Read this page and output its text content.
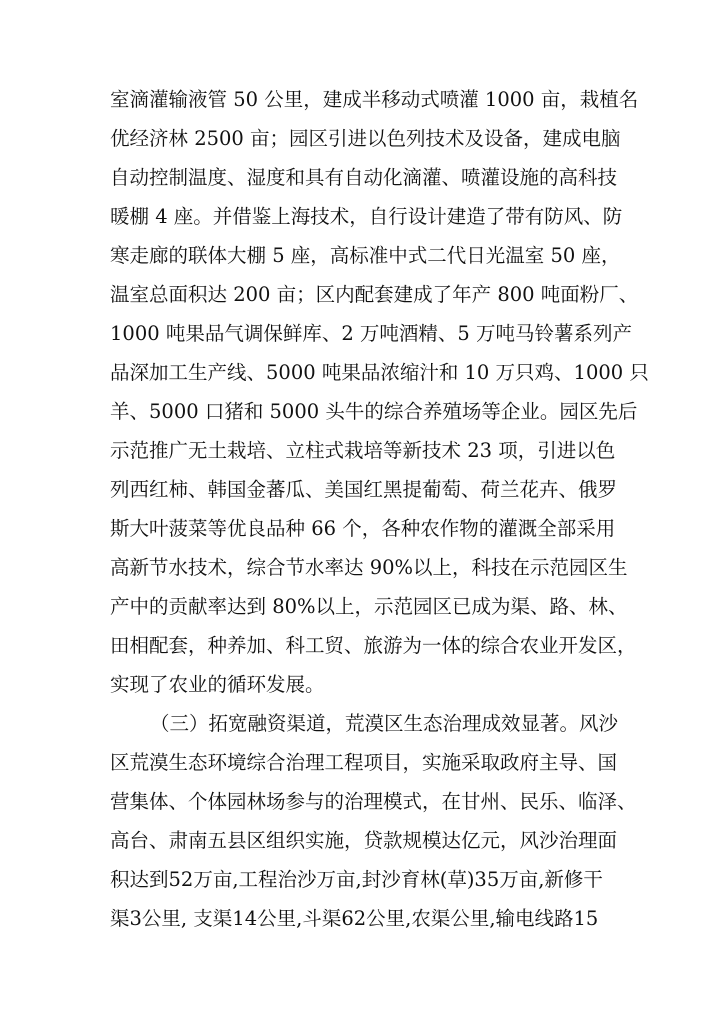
室滴灌输液管 50 公里，建成半移动式喷灌 1000 亩，栽植名
优经济林 2500 亩；园区引进以色列技术及设备，建成电脑
自动控制温度、湿度和具有自动化滴灌、喷灌设施的高科技
暖棚 4 座。并借鉴上海技术，自行设计建造了带有防风、防
寒走廊的联体大棚 5 座，高标准中式二代日光温室 50 座，
温室总面积达 200 亩；区内配套建成了年产 800 吨面粉厂、
1000 吨果品气调保鲜库、2 万吨酒精、5 万吨马铃薯系列产
品深加工生产线、5000 吨果品浓缩汁和 10 万只鸡、1000 只
羊、5000 口猪和 5000 头牛的综合养殖场等企业。园区先后
示范推广无土栽培、立柱式栽培等新技术 23 项，引进以色
列西红柿、韩国金蕃瓜、美国红黑提葡萄、荷兰花卉、俄罗
斯大叶菠菜等优良品种 66 个，各种农作物的灌溉全部采用
高新节水技术，综合节水率达 90%以上，科技在示范园区生
产中的贡献率达到 80%以上，示范园区已成为渠、路、林、
田相配套，种养加、科工贸、旅游为一体的综合农业开发区，
实现了农业的循环发展。
（三）拓宽融资渠道，荒漠区生态治理成效显著。风沙
区荒漠生态环境综合治理工程项目，实施采取政府主导、国
营集体、个体园林场参与的治理模式，在甘州、民乐、临泽、
高台、肃南五县区组织实施，贷款规模达亿元，风沙治理面
积达到52万亩,工程治沙万亩,封沙育林(草)35万亩,新修干
渠3公里, 支渠14公里,斗渠62公里,农渠公里,输电线路15
